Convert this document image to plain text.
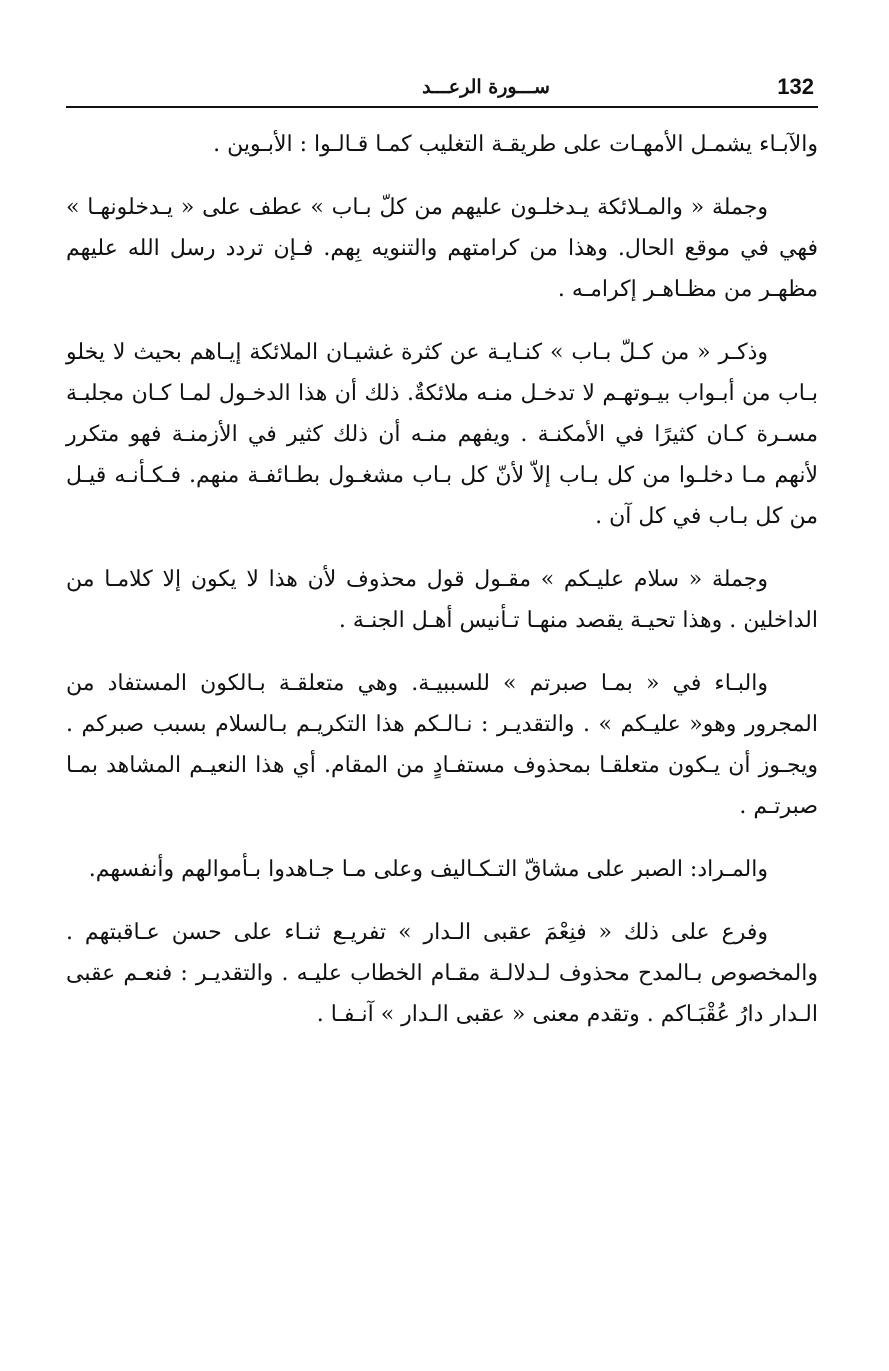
132
ســـورة الرعـــد

والآبـاء يشمـل الأمهـات على طريقـة التغليب كمـا قـالـوا : الأبـوين .

وجملة « والمـلائكة يـدخلـون عليهم من كلّ بـاب » عطف على « يـدخلونهـا » فهي في موقع الحال. وهذا من كرامتهم والتنويه بِهم. فـإن تردد رسل الله عليهم مظهـر من مظـاهـر إكرامـه .

وذكـر « من كـلّ بـاب » كنـايـة عن كثرة غشيـان الملائكة إيـاهم بحيث لا يخلو بـاب من أبـواب بيـوتهـم لا تدخـل منـه ملائكةٌ. ذلك أن هذا الدخـول لمـا كـان مجلبـة مسـرة كـان كثيرًا في الأمكنـة . ويفهم منـه أن ذلك كثير في الأزمنـة فهو متكرر لأنهم مـا دخلـوا من كل بـاب إلاّ لأنّ كل بـاب مشغـول بطـائفـة منهم. فـكـأنـه قيـل من كل بـاب في كل آن .

وجملة « سلام عليـكم » مقـول قول محذوف لأن هذا لا يكون إلا كلامـا من الداخلين . وهذا تحيـة يقصد منهـا تـأنيس أهـل الجنـة .

والبـاء في « بمـا صبرتم » للسببيـة. وهي متعلقـة بـالكون المستفاد من المجرور وهو« عليـكم » . والتقديـر : نـالـكم هذا التكريـم بـالسلام بسبب صبركم . ويجـوز أن يـكون متعلقـا بمحذوف مستفـادٍ من المقام. أي هذا النعيـم المشاهد بمـا صبرتـم .

والمـراد: الصبر على مشاقّ التـكـاليف وعلى مـا جـاهدوا بـأموالهم وأنفسهم.

وفرع على ذلك « فنِعْمَ عقبى الـدار » تفريـع ثنـاء على حسن عـاقبتهم . والمخصوص بـالمدح محذوف لـدلالـة مقـام الخطاب عليـه . والتقديـر : فنعـم عقبى الـدار دارُ عُقْبَـاكم . وتقدم معنى « عقبى الـدار » آنـفـا .
